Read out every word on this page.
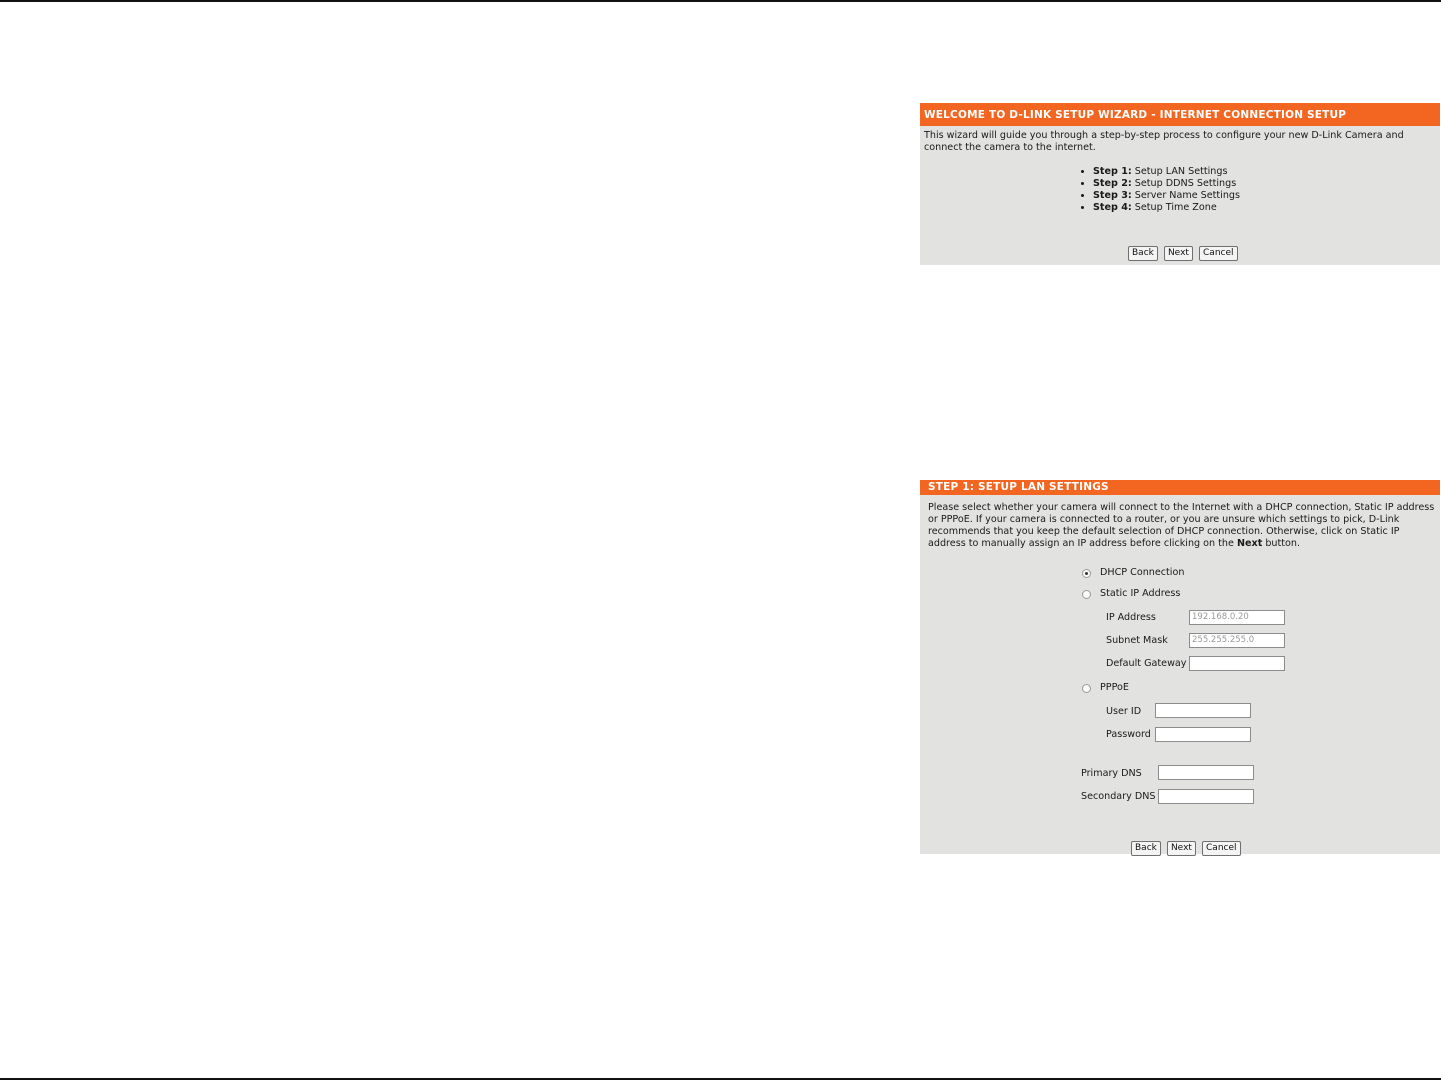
WELCOME TO D-LINK SETUP WIZARD - INTERNET CONNECTION SETUP

This wizard will guide you through a step-by-step process to configure your new D-Link Camera and connect the camera to the internet.

• Step 1: Setup LAN Settings
• Step 2: Setup DDNS Settings
• Step 3: Server Name Settings
• Step 4: Setup Time Zone
Back Next Cancel
STEP 1: SETUP LAN SETTINGS

Please select whether your camera will connect to the Internet with a DHCP connection, Static IP address or PPPoE. If your camera is connected to a router, or you are unsure which settings to pick, D-Link recommends that you keep the default selection of DHCP connection. Otherwise, click on Static IP address to manually assign an IP address before clicking on the Next button.

DHCP Connection
Static IP Address
IP Address	192.168.0.20
Subnet Mask	255.255.255.0
Default Gateway
PPPoE
User ID
Password
Primary DNS
Secondary DNS
Back Next Cancel
